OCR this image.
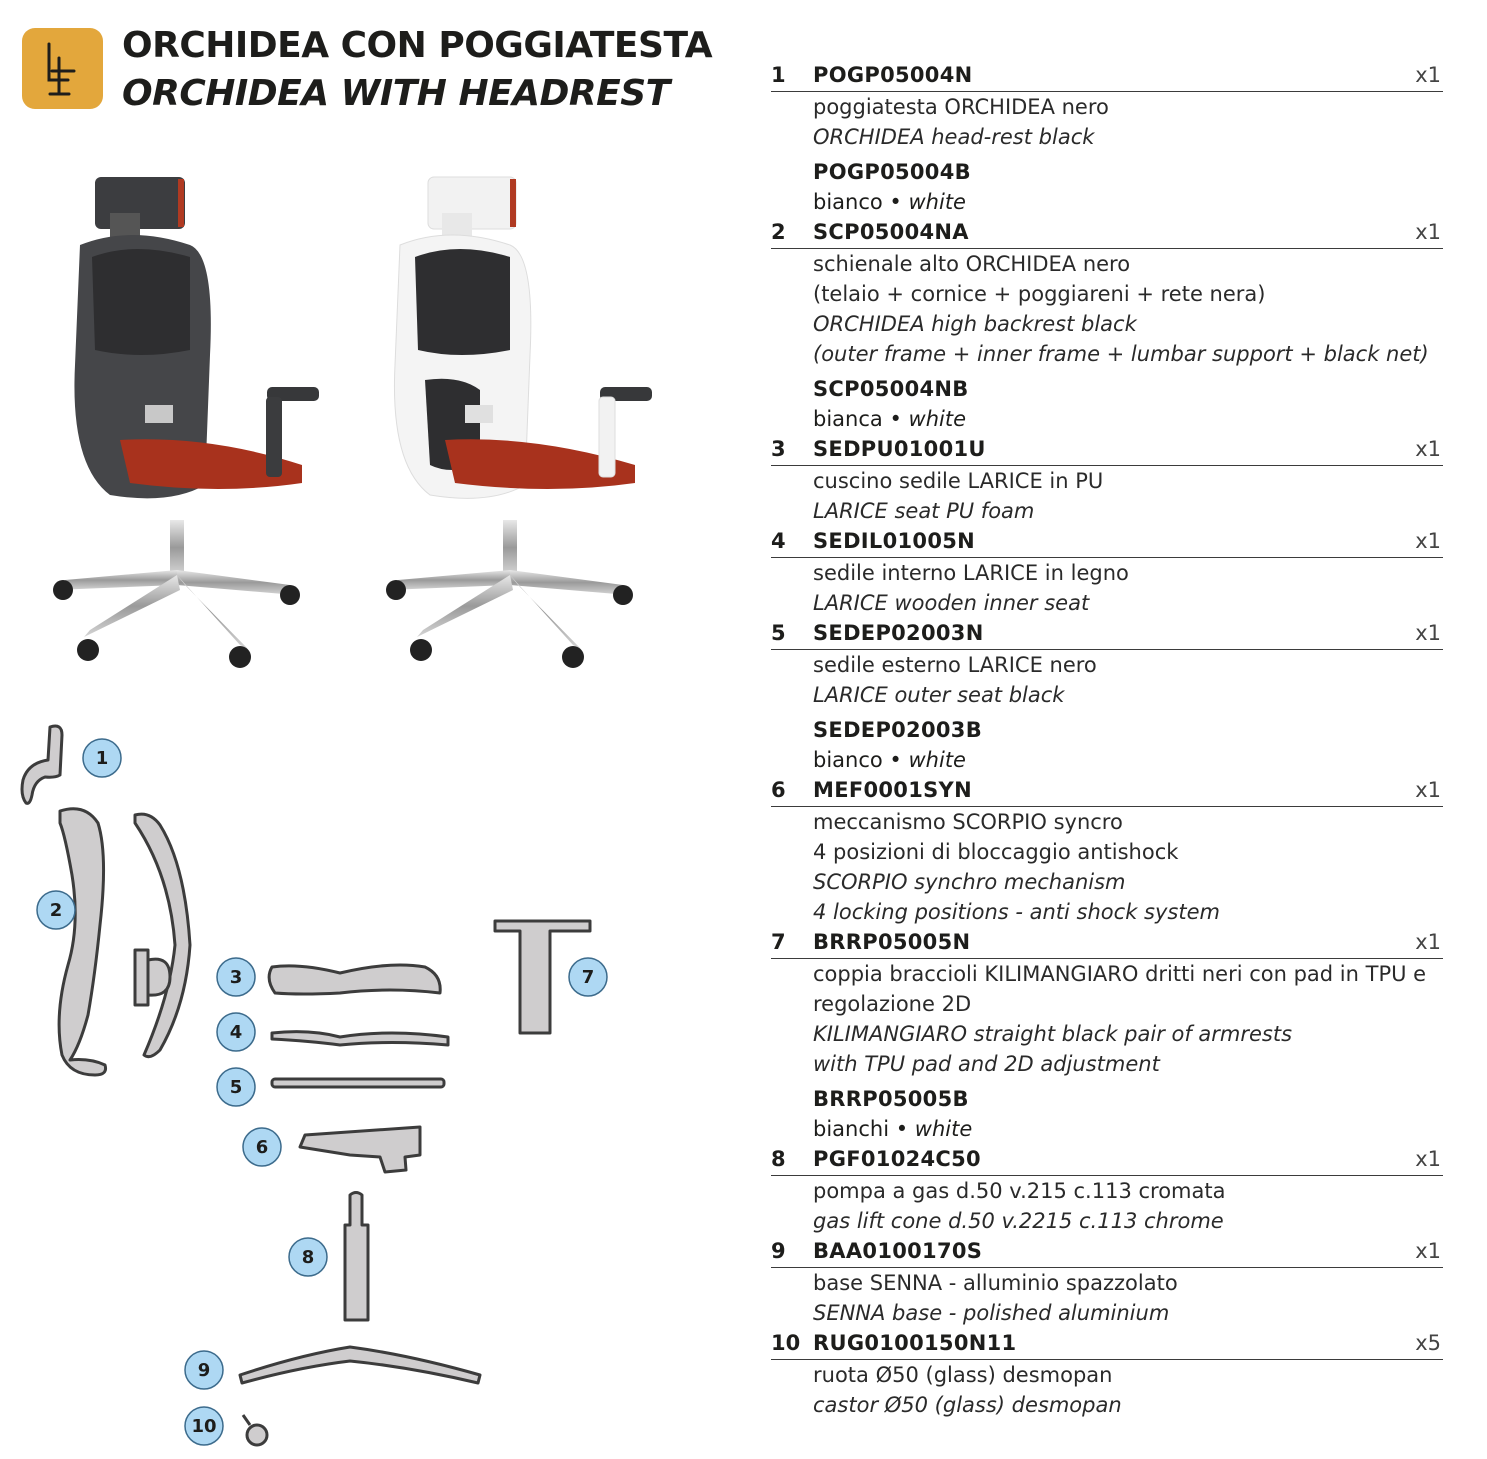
ORCHIDEA CON POGGIATESTA
ORCHIDEA WITH HEADREST
1
2
3
4
5
6
7
8
9
10
1 POGP05004N	x1
poggiatesta ORCHIDEA nero
ORCHIDEA head-rest black
POGP05004B
bianco • white
2 SCP05004NA	x1
schienale alto ORCHIDEA nero
(telaio + cornice + poggiareni + rete nera)
ORCHIDEA high backrest black
(outer frame + inner frame + lumbar support + black net)
SCP05004NB
bianca • white
3 SEDPU01001U	x1
cuscino sedile LARICE in PU
LARICE seat PU foam
4 SEDIL01005N	x1
sedile interno LARICE in legno
LARICE wooden inner seat
5 SEDEP02003N	x1
sedile esterno LARICE nero
LARICE outer seat black
SEDEP02003B
bianco • white
6 MEF0001SYN	x1
meccanismo SCORPIO syncro
4 posizioni di bloccaggio antishock
SCORPIO synchro mechanism
4 locking positions - anti shock system
7 BRRP05005N	x1
coppia braccioli KILIMANGIARO dritti neri con pad in TPU e
regolazione 2D
KILIMANGIARO straight black pair of armrests
with TPU pad and 2D adjustment
BRRP05005B
bianchi • white
8 PGF01024C50	x1
pompa a gas d.50 v.215 c.113 cromata
gas lift cone d.50 v.2215 c.113 chrome
9 BAA0100170S	x1
base SENNA - alluminio spazzolato
SENNA base - polished aluminium
10 RUG0100150N11	x5
ruota Ø50 (glass) desmopan
castor Ø50 (glass) desmopan
